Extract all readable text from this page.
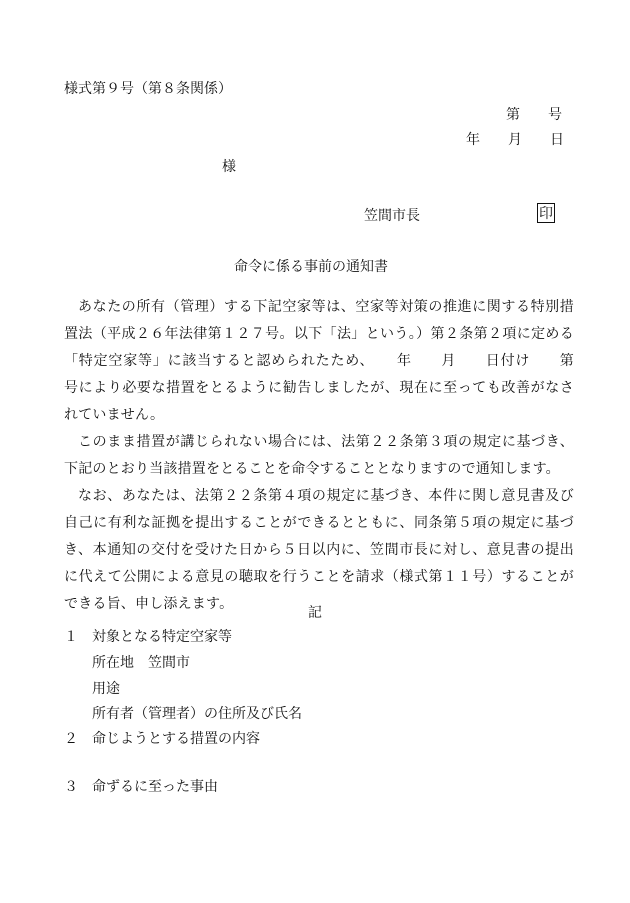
様式第９号（第８条関係）
第 号
年 月 日
様
笠間市長	印
命令に係る事前の通知書

あなたの所有（管理）する下記空家等は、空家等対策の推進に関する特別措置法（平成２６年法律第１２７号。以下「法」という。）第２条第２項に定める「特定空家等」に該当すると認められたため、　　年　　月　　日付け　　第　　号により必要な措置をとるように勧告しましたが、現在に至っても改善がなされていません。

このまま措置が講じられない場合には、法第２２条第３項の規定に基づき、下記のとおり当該措置をとることを命令することとなりますので通知します。

なお、あなたは、法第２２条第４項の規定に基づき、本件に関し意見書及び自己に有利な証拠を提出することができるとともに、同条第５項の規定に基づき、本通知の交付を受けた日から５日以内に、笠間市長に対し、意見書の提出に代えて公開による意見の聴取を行うことを請求（様式第１１号）することができる旨、申し添えます。

記
１ 対象となる特定空家等
所在地　笠間市
用途
所有者（管理者）の住所及び氏名
２ 命じようとする措置の内容
３ 命ずるに至った事由
